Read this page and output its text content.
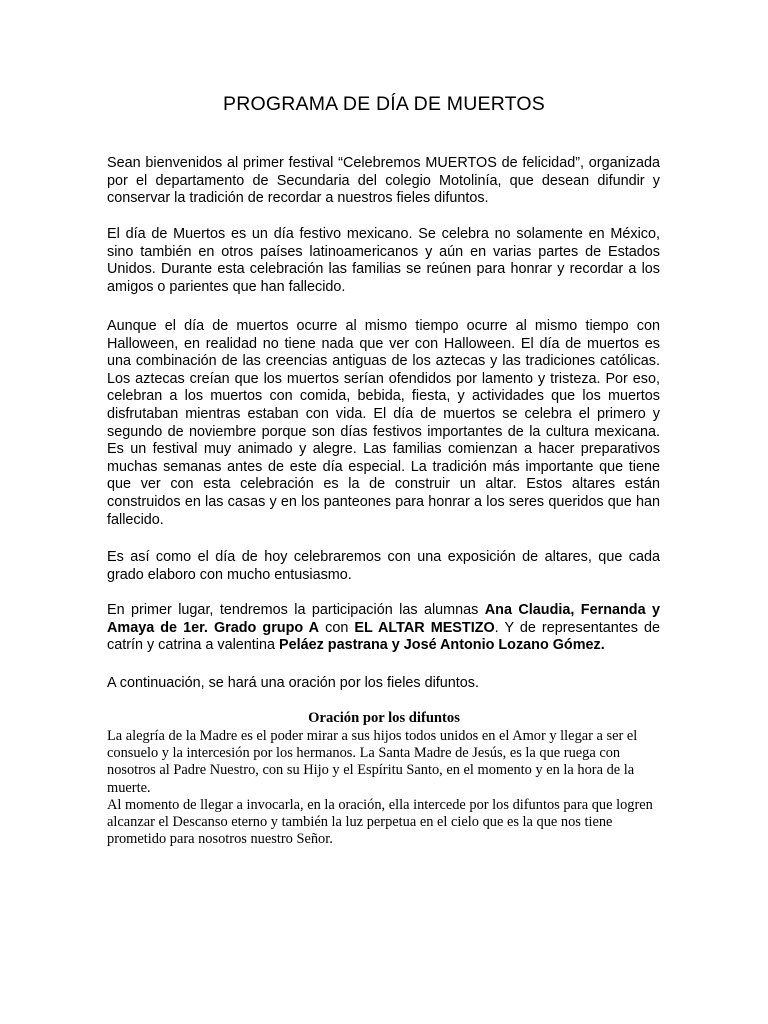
PROGRAMA DE DÍA DE MUERTOS

Sean bienvenidos al primer festival “Celebremos MUERTOS de felicidad”, organizada por el departamento de Secundaria del colegio Motolinía, que desean difundir y conservar la tradición de recordar a nuestros fieles difuntos.

El día de Muertos es un día festivo mexicano. Se celebra no solamente en México, sino también en otros países latinoamericanos y aún en varias partes de Estados Unidos. Durante esta celebración las familias se reúnen para honrar y recordar a los amigos o parientes que han fallecido.

Aunque el día de muertos ocurre al mismo tiempo ocurre al mismo tiempo con Halloween, en realidad no tiene nada que ver con Halloween. El día de muertos es una combinación de las creencias antiguas de los aztecas y las tradiciones católicas. Los aztecas creían que los muertos serían ofendidos por lamento y tristeza. Por eso, celebran a los muertos con comida, bebida, fiesta, y actividades que los muertos disfrutaban mientras estaban con vida. El día de muertos se celebra el primero y segundo de noviembre porque son días festivos importantes de la cultura mexicana. Es un festival muy animado y alegre. Las familias comienzan a hacer preparativos muchas semanas antes de este día especial. La tradición más importante que tiene que ver con esta celebración es la de construir un altar. Estos altares están construidos en las casas y en los panteones para honrar a los seres queridos que han fallecido.

Es así como el día de hoy celebraremos con una exposición de altares, que cada grado elaboro con mucho entusiasmo.

En primer lugar, tendremos la participación las alumnas Ana Claudia, Fernanda y Amaya de 1er. Grado grupo A con EL ALTAR MESTIZO. Y de representantes de catrín y catrina a valentina Peláez pastrana y José Antonio Lozano Gómez.

A continuación, se hará una oración por los fieles difuntos.

Oración por los difuntos

La alegría de la Madre es el poder mirar a sus hijos todos unidos en el Amor y llegar a ser el consuelo y la intercesión por los hermanos. La Santa Madre de Jesús, es la que ruega con nosotros al Padre Nuestro, con su Hijo y el Espíritu Santo, en el momento y en la hora de la muerte.

Al momento de llegar a invocarla, en la oración, ella intercede por los difuntos para que logren alcanzar el Descanso eterno y también la luz perpetua en el cielo que es la que nos tiene prometido para nosotros nuestro Señor.
